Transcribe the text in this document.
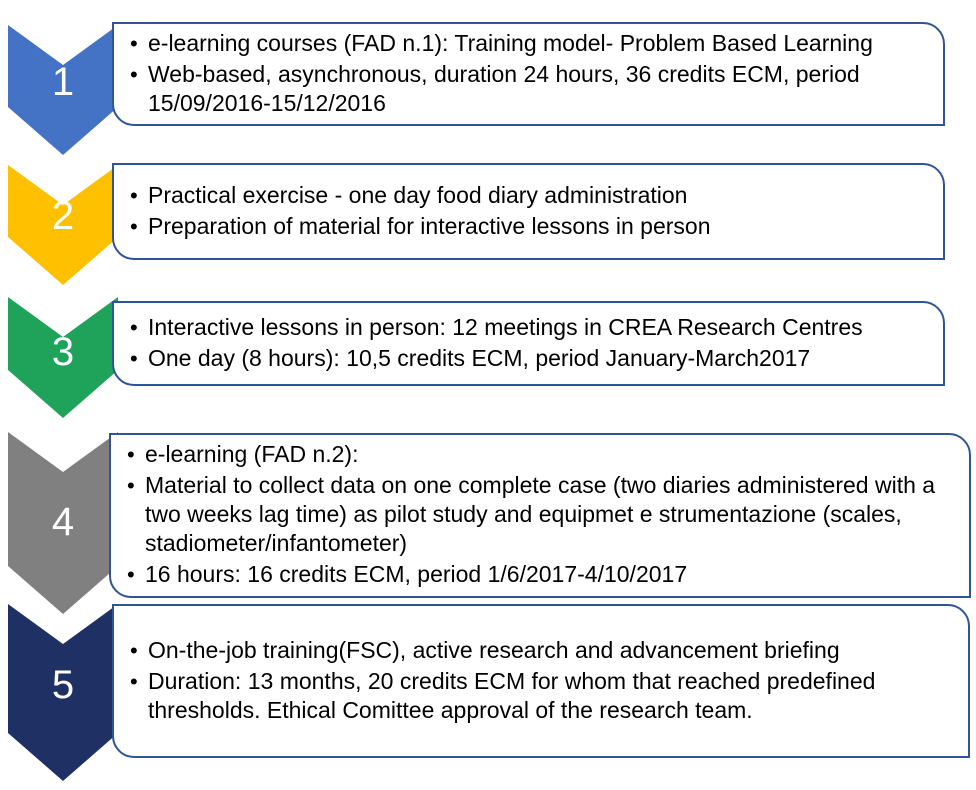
1
• e-learning courses (FAD n.1): Training model- Problem Based Learning
• Web-based, asynchronous, duration 24 hours, 36 credits ECM, period 15/09/2016-15/12/2016
2
•	Practical exercise - one day food diary administration
• Preparation of material for interactive lessons in person
3
• Interactive lessons in person: 12 meetings in CREA Research Centres
• One day (8 hours): 10,5 credits ECM, period January-March2017
4
• e-learning (FAD n.2):
• Material to collect data on one complete case (two diaries administered with a two weeks lag time) as pilot study and equipmet e strumentazione (scales, stadiometer/infantometer)
• 16 hours: 16 credits ECM, period 1/6/2017-4/10/2017
5
• On-the-job training(FSC), active research and advancement briefing
• Duration: 13 months, 20 credits ECM for whom that reached predefined thresholds. Ethical Comittee approval of the research team.
